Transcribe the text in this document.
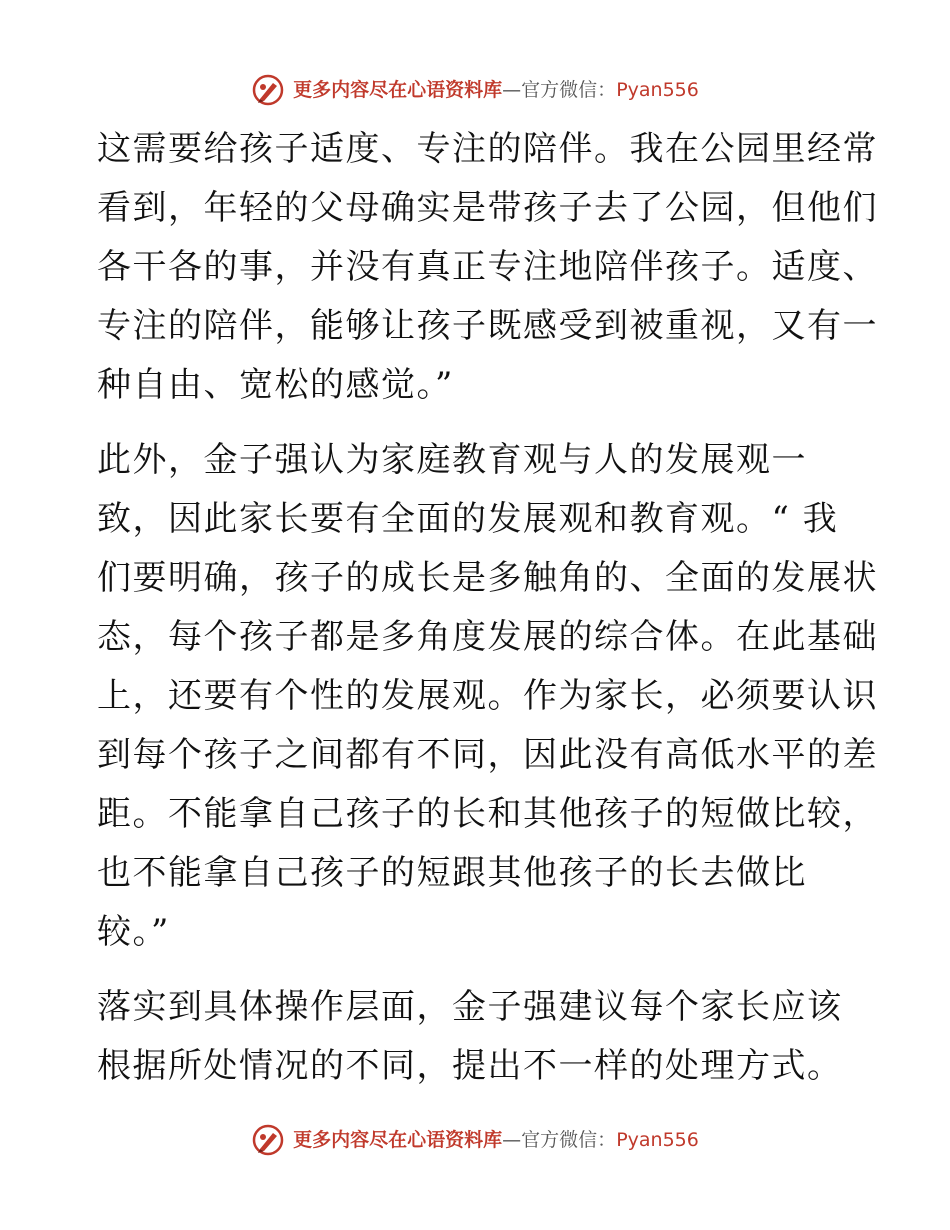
更多内容尽在心语资料库—官方微信：Pyan556
这需要给孩子适度、专注的陪伴。我在公园里经常
看到，年轻的父母确实是带孩子去了公园，但他们
各干各的事，并没有真正专注地陪伴孩子。适度、
专注的陪伴，能够让孩子既感受到被重视，又有一
种自由、宽松的感觉。”
此外，金子强认为家庭教育观与人的发展观一
致，因此家长要有全面的发展观和教育观。“ 我
们要明确，孩子的成长是多触角的、全面的发展状
态，每个孩子都是多角度发展的综合体。在此基础
上，还要有个性的发展观。作为家长，必须要认识
到每个孩子之间都有不同，因此没有高低水平的差
距。不能拿自己孩子的长和其他孩子的短做比较，
也不能拿自己孩子的短跟其他孩子的长去做比
较。”
落实到具体操作层面，金子强建议每个家长应该
根据所处情况的不同，提出不一样的处理方式。
更多内容尽在心语资料库—官方微信：Pyan556
